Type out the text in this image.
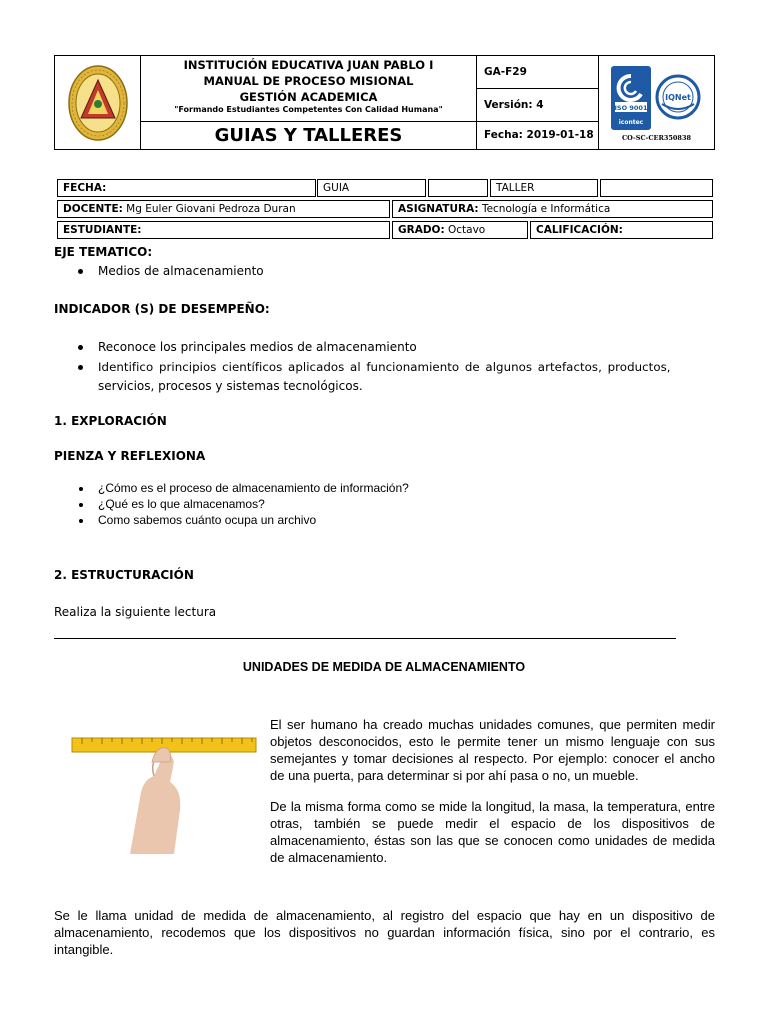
INSTITUCIÓN EDUCATIVA JUAN PABLO I
MANUAL DE PROCESO MISIONAL
GESTIÓN ACADEMICA
"Formando Estudiantes Competentes Con Calidad Humana"
GUIAS Y TALLERES
GA-F29
Versión: 4
Fecha: 2019-01-18
ISO 9001
icontec
IQNet
CO-SC-CER350838
FECHA:	GUIA	TALLER
DOCENTE: Mg Euler Giovani Pedroza Duran	ASIGNATURA: Tecnología e Informática
ESTUDIANTE:	GRADO: Octavo	CALIFICACIÓN:
EJE TEMATICO:
Medios de almacenamiento
INDICADOR (S) DE DESEMPEÑO:
Reconoce los principales medios de almacenamiento
Identifico principios científicos aplicados al funcionamiento de algunos artefactos, productos,
servicios, procesos y sistemas tecnológicos.
1. EXPLORACIÓN
PIENZA Y REFLEXIONA
¿Cómo es el proceso de almacenamiento de información?
¿Qué es lo que almacenamos?
Como sabemos cuánto ocupa un archivo
2. ESTRUCTURACIÓN
Realiza la siguiente lectura
UNIDADES DE MEDIDA DE ALMACENAMIENTO
El ser humano ha creado muchas unidades comunes, que permiten medir objetos desconocidos, esto le permite tener un mismo lenguaje con sus semejantes y tomar decisiones al respecto. Por ejemplo: conocer el ancho de una puerta, para determinar si por ahí pasa o no, un mueble.
De la misma forma como se mide la longitud, la masa, la temperatura, entre otras, también se puede medir el espacio de los dispositivos de almacenamiento, éstas son las que se conocen como unidades de medida de almacenamiento.
Se le llama unidad de medida de almacenamiento, al registro del espacio que hay en un dispositivo de almacenamiento, recodemos que los dispositivos no guardan información física, sino por el contrario, es intangible.
